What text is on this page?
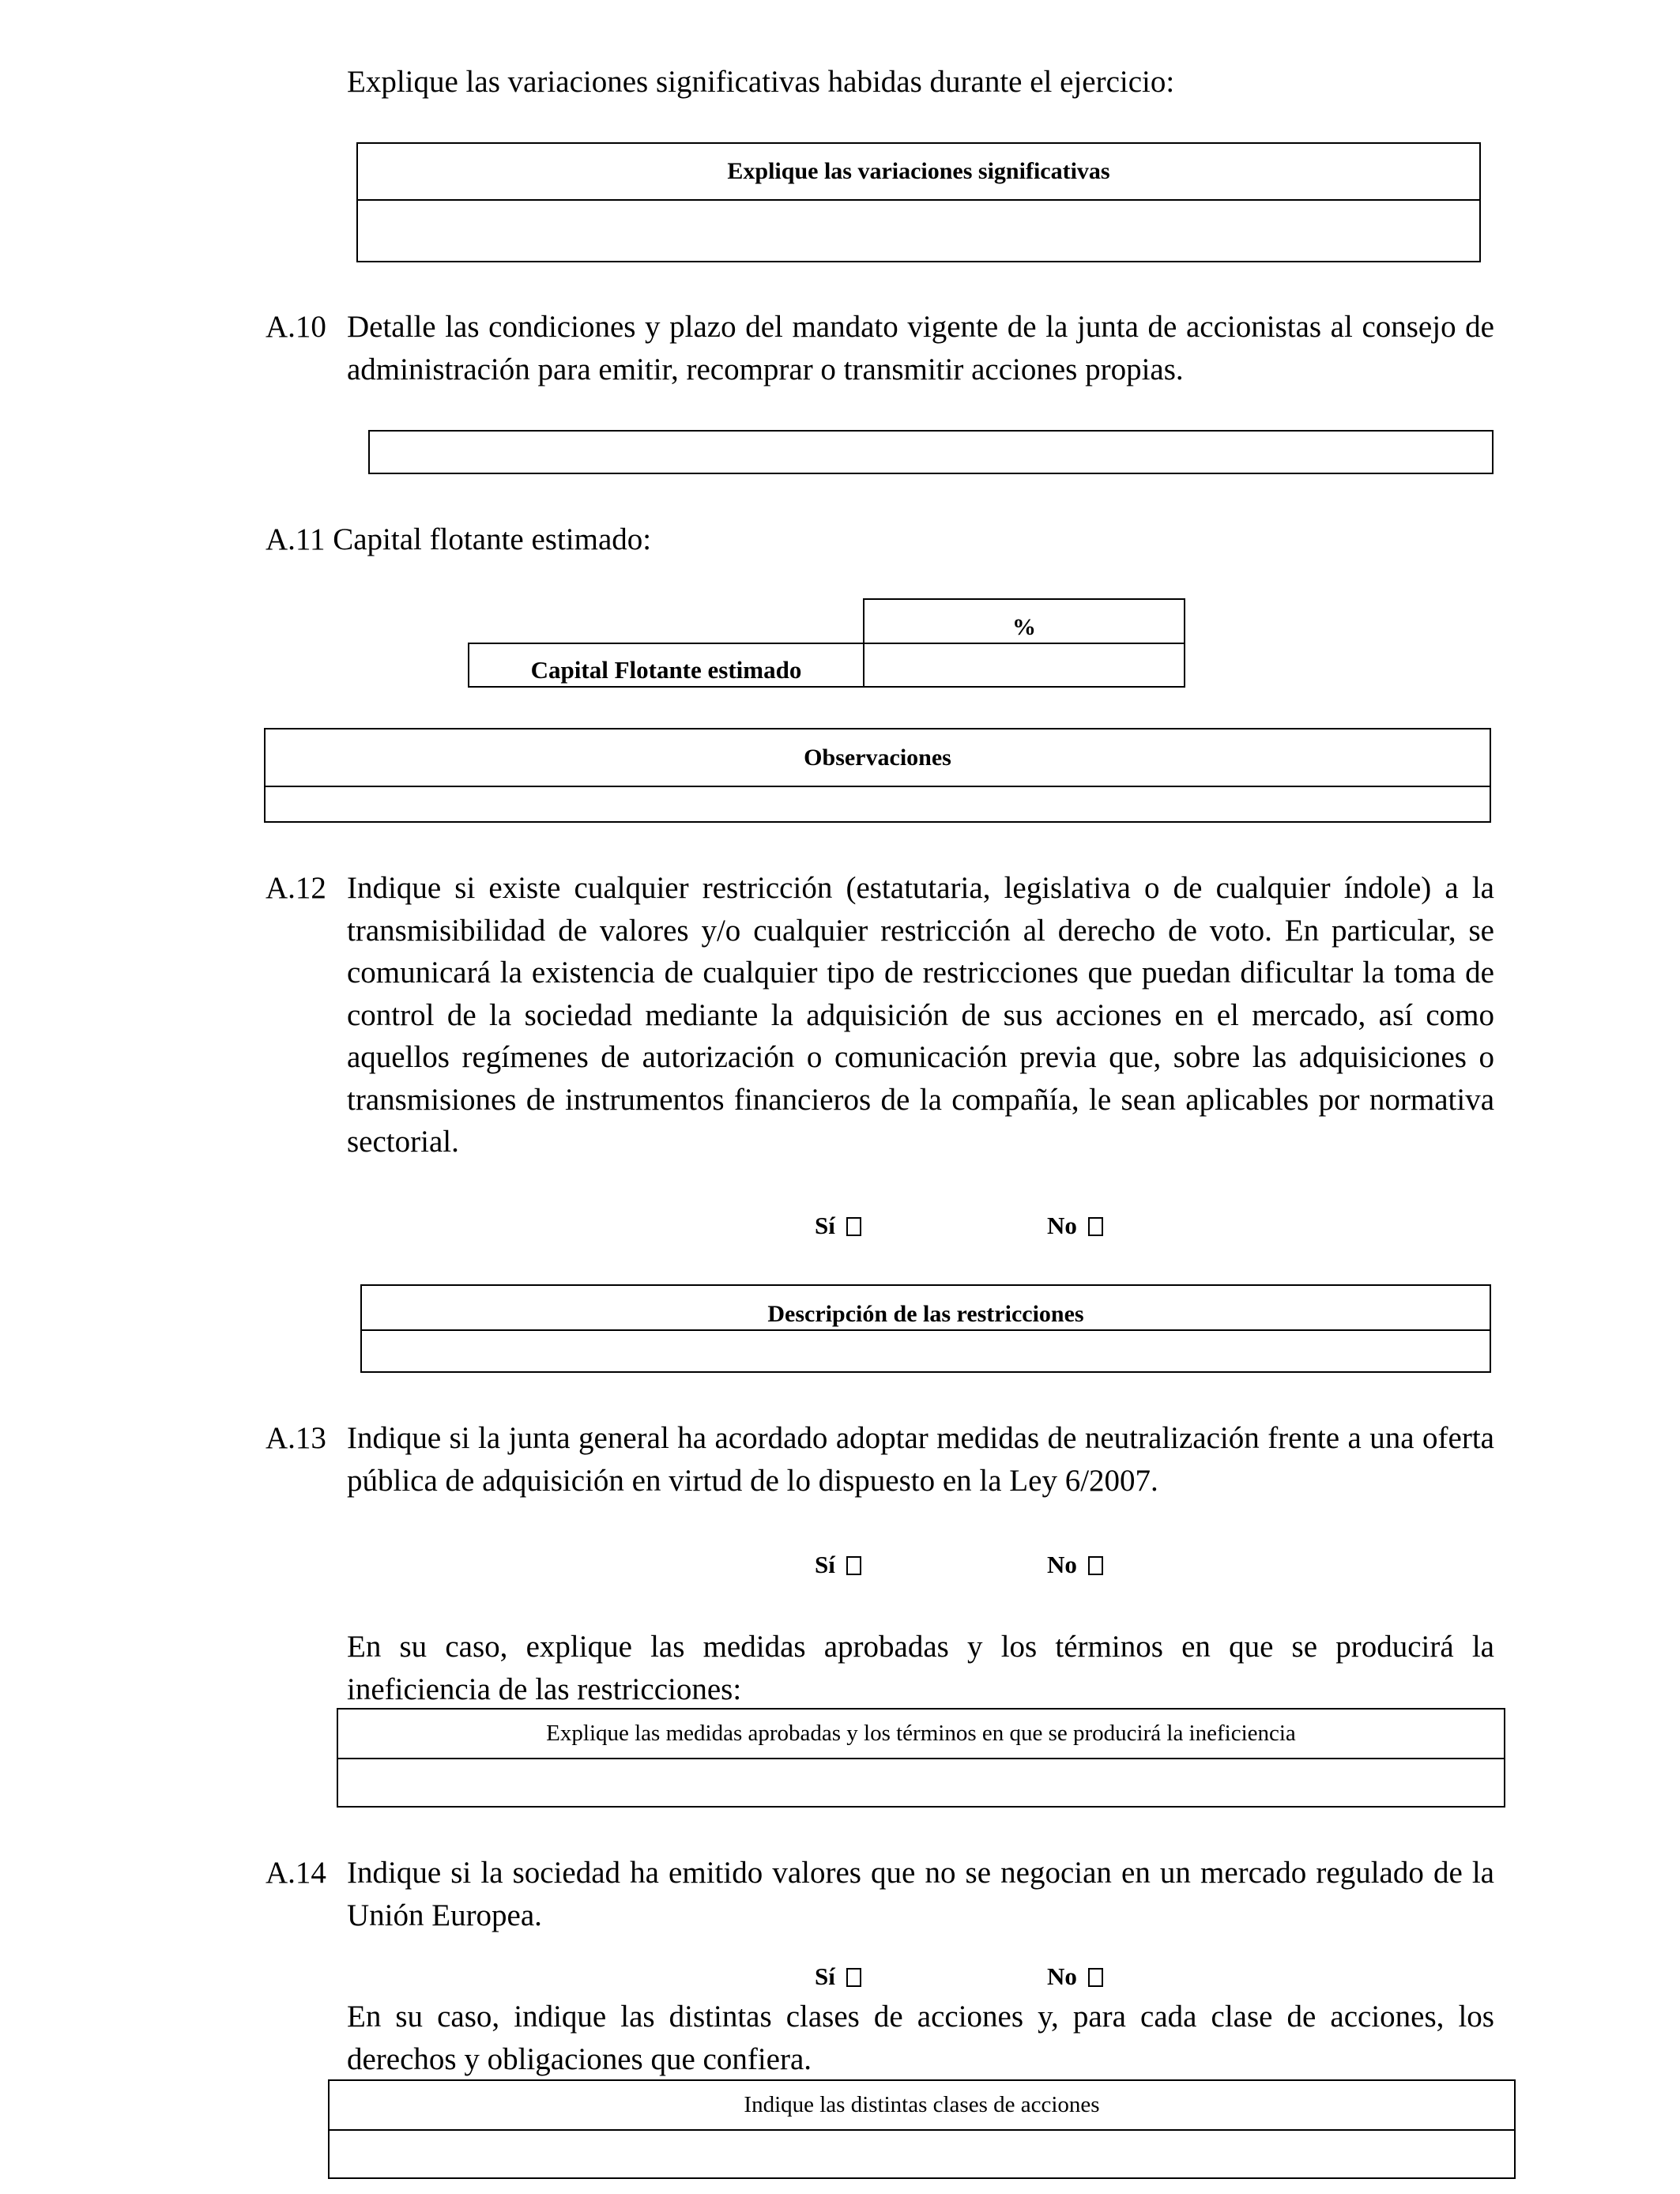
Explique las variaciones significativas habidas durante el ejercicio:
Explique las variaciones significativas
A.10 Detalle las condiciones y plazo del mandato vigente de la junta de accionistas al consejo de administración para emitir, recomprar o transmitir acciones propias.
A.11 Capital flotante estimado:
%
Capital Flotante estimado
Observaciones
A.12 Indique si existe cualquier restricción (estatutaria, legislativa o de cualquier índole) a la transmisibilidad de valores y/o cualquier restricción al derecho de voto. En particular, se comunicará la existencia de cualquier tipo de restricciones que puedan dificultar la toma de control de la sociedad mediante la adquisición de sus acciones en el mercado, así como aquellos regímenes de autorización o comunicación previa que, sobre las adquisiciones o transmisiones de instrumentos financieros de la compañía, le sean aplicables por normativa sectorial.
Sí	No
Descripción de las restricciones
A.13 Indique si la junta general ha acordado adoptar medidas de neutralización frente a una oferta pública de adquisición en virtud de lo dispuesto en la Ley 6/2007.
Sí	No
En su caso, explique las medidas aprobadas y los términos en que se producirá la ineficiencia de las restricciones:
Explique las medidas aprobadas y los términos en que se producirá la ineficiencia
A.14 Indique si la sociedad ha emitido valores que no se negocian en un mercado regulado de la Unión Europea.
Sí	No
En su caso, indique las distintas clases de acciones y, para cada clase de acciones, los derechos y obligaciones que confiera.
Indique las distintas clases de acciones
